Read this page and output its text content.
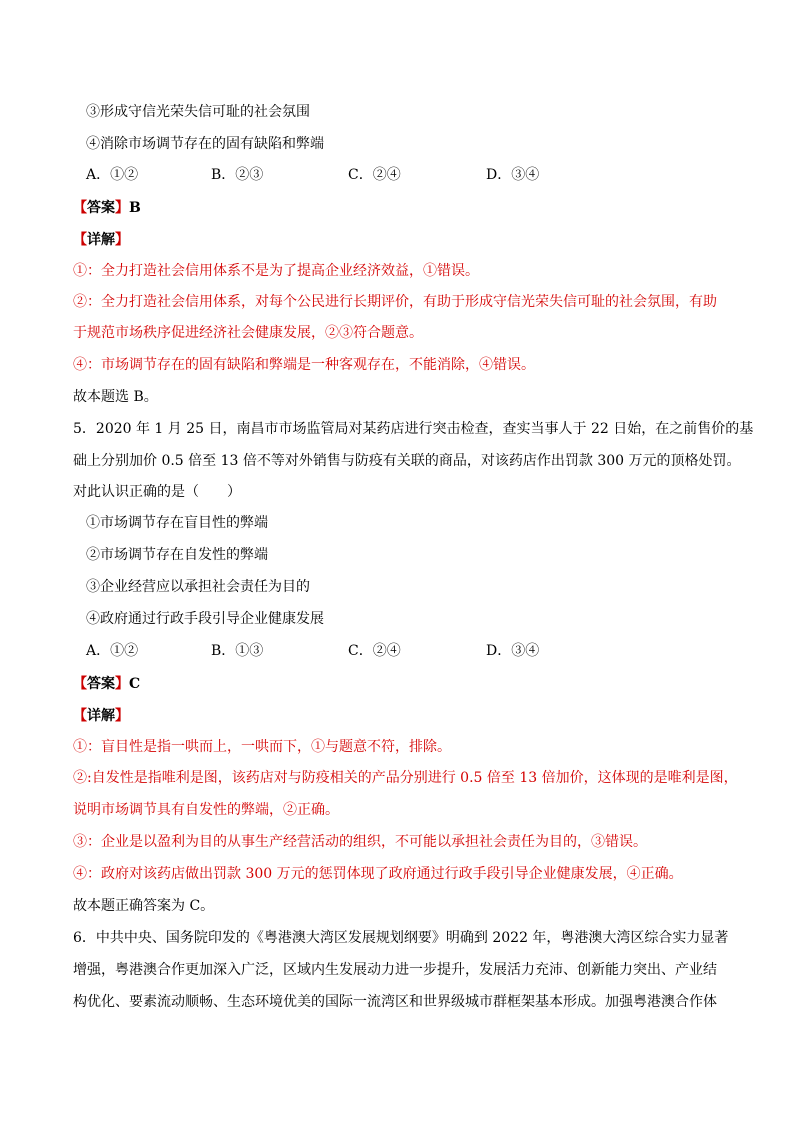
③形成守信光荣失信可耻的社会氛围
④消除市场调节存在的固有缺陷和弊端
A．①②	B．②③	C．②④	D．③④
【答案】B
【详解】
①：全力打造社会信用体系不是为了提高企业经济效益，①错误。
②：全力打造社会信用体系，对每个公民进行长期评价，有助于形成守信光荣失信可耻的社会氛围，有助
于规范市场秩序促进经济社会健康发展，②③符合题意。
④：市场调节存在的固有缺陷和弊端是一种客观存在，不能消除，④错误。
故本题选 B。
5．2020 年 1 月 25 日，南昌市市场监管局对某药店进行突击检查，查实当事人于 22 日始，在之前售价的基
础上分别加价 0.5 倍至 13 倍不等对外销售与防疫有关联的商品，对该药店作出罚款 300 万元的顶格处罚。
对此认识正确的是（　　）
①市场调节存在盲目性的弊端
②市场调节存在自发性的弊端
③企业经营应以承担社会责任为目的
④政府通过行政手段引导企业健康发展
A．①②	B．①③	C．②④	D．③④
【答案】C
【详解】
①：盲目性是指一哄而上，一哄而下，①与题意不符，排除。
②:自发性是指唯利是图，该药店对与防疫相关的产品分别进行 0.5 倍至 13 倍加价，这体现的是唯利是图，
说明市场调节具有自发性的弊端，②正确。
③：企业是以盈利为目的从事生产经营活动的组织，不可能以承担社会责任为目的，③错误。
④：政府对该药店做出罚款 300 万元的惩罚体现了政府通过行政手段引导企业健康发展，④正确。
故本题正确答案为 C。
6．中共中央、国务院印发的《粤港澳大湾区发展规划纲要》明确到 2022 年，粤港澳大湾区综合实力显著
增强，粤港澳合作更加深入广泛，区域内生发展动力进一步提升，发展活力充沛、创新能力突出、产业结
构优化、要素流动顺畅、生态环境优美的国际一流湾区和世界级城市群框架基本形成。加强粤港澳合作体
